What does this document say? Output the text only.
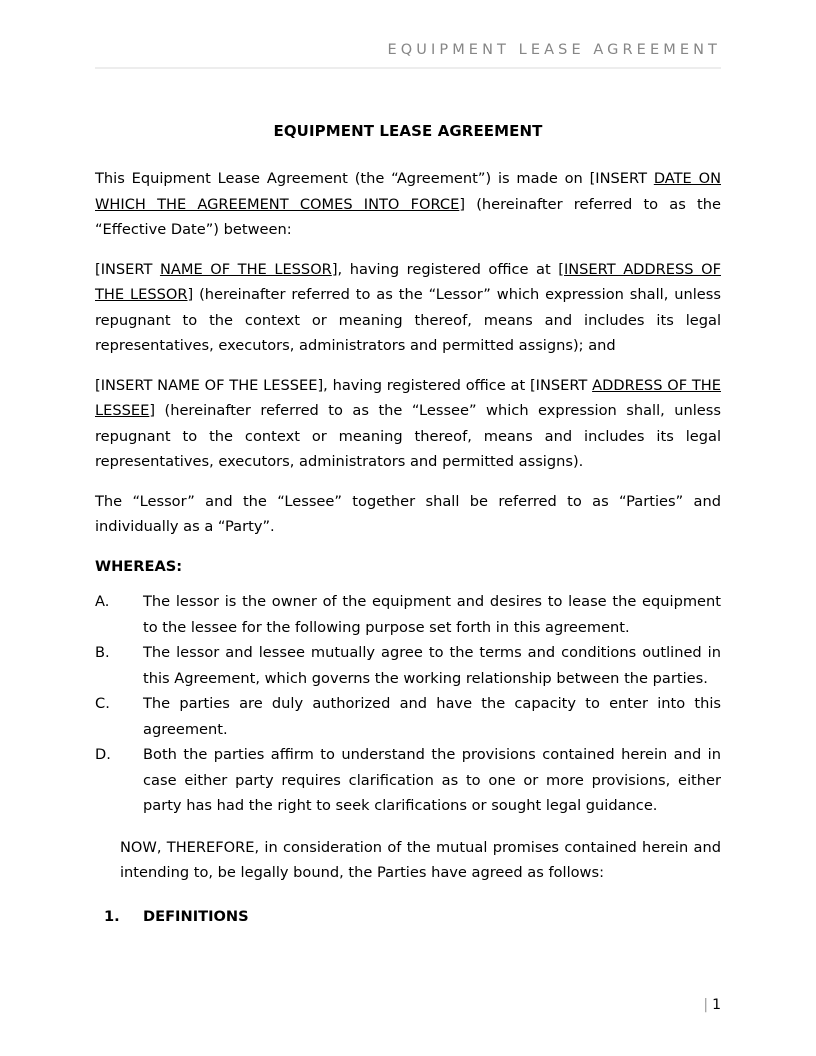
EQUIPMENT LEASE AGREEMENT
EQUIPMENT LEASE AGREEMENT

This Equipment Lease Agreement (the “Agreement”) is made on [INSERT DATE ON WHICH THE AGREEMENT COMES INTO FORCE] (hereinafter referred to as the “Effective Date”) between:

[INSERT NAME OF THE LESSOR], having registered office at [INSERT ADDRESS OF THE LESSOR] (hereinafter referred to as the “Lessor” which expression shall, unless repugnant to the context or meaning thereof, means and includes its legal representatives, executors, administrators and permitted assigns); and

[INSERT NAME OF THE LESSEE], having registered office at [INSERT ADDRESS OF THE LESSEE] (hereinafter referred to as the “Lessee” which expression shall, unless repugnant to the context or meaning thereof, means and includes its legal representatives, executors, administrators and permitted assigns).

The “Lessor” and the “Lessee” together shall be referred to as “Parties” and individually as a “Party”.

WHEREAS:
A.	The lessor is the owner of the equipment and desires to lease the equipment to the lessee for the following purpose set forth in this agreement.
B.	The lessor and lessee mutually agree to the terms and conditions outlined in this Agreement, which governs the working relationship between the parties.
C.	The parties are duly authorized and have the capacity to enter into this agreement.
D.	Both the parties affirm to understand the provisions contained herein and in case either party requires clarification as to one or more provisions, either party has had the right to seek clarifications or sought legal guidance.

NOW, THEREFORE, in consideration of the mutual promises contained herein and intending to, be legally bound, the Parties have agreed as follows:

1.	DEFINITIONS
| 1
